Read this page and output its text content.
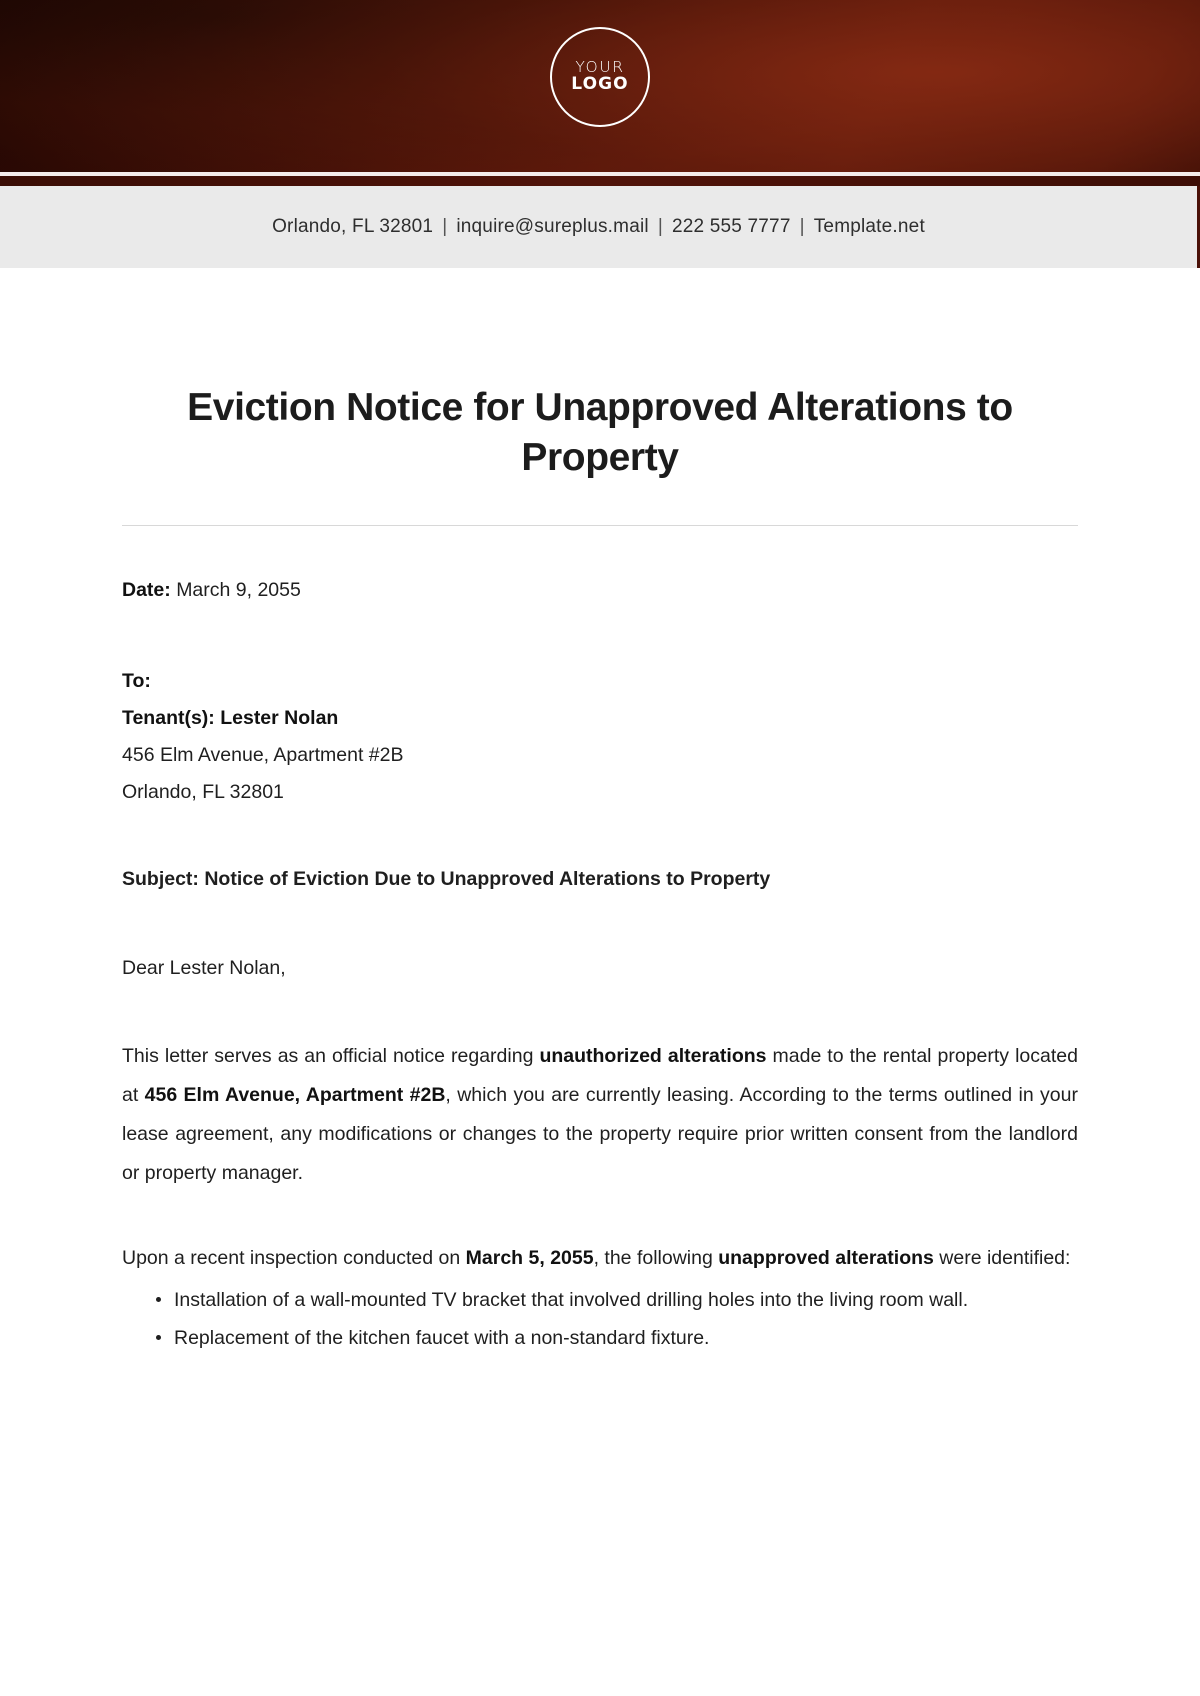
YOUR
LOGO
Orlando, FL 32801 | inquire@sureplus.mail | 222 555 7777 | Template.net
Eviction Notice for Unapproved Alterations to Property
Date: March 9, 2055
To:
Tenant(s): Lester Nolan
456 Elm Avenue, Apartment #2B
Orlando, FL 32801
Subject: Notice of Eviction Due to Unapproved Alterations to Property
Dear Lester Nolan,
This letter serves as an official notice regarding unauthorized alterations made to the rental property located at 456 Elm Avenue, Apartment #2B, which you are currently leasing. According to the terms outlined in your lease agreement, any modifications or changes to the property require prior written consent from the landlord or property manager.
Upon a recent inspection conducted on March 5, 2055, the following unapproved alterations were identified:
Installation of a wall-mounted TV bracket that involved drilling holes into the living room wall.
Replacement of the kitchen faucet with a non-standard fixture.
